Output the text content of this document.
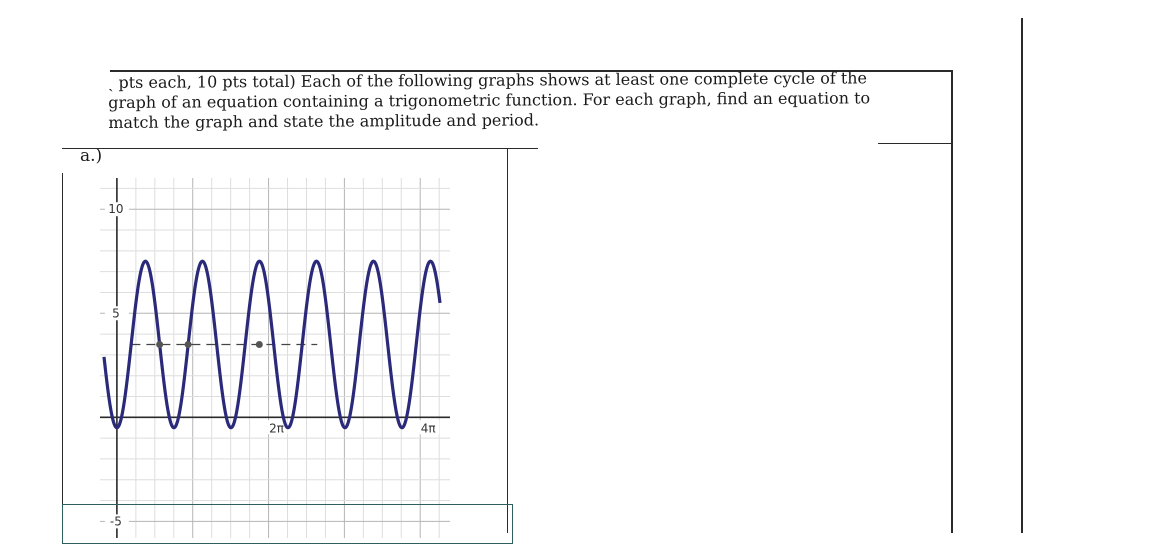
ˏ pts each, 10 pts total) Each of the following graphs shows at least one complete cycle of the

graph of an equation containing a trigonometric function. For each graph, find an equation to

match the graph and state the amplitude and period.

a.)
10
5
-5
2π	4π
